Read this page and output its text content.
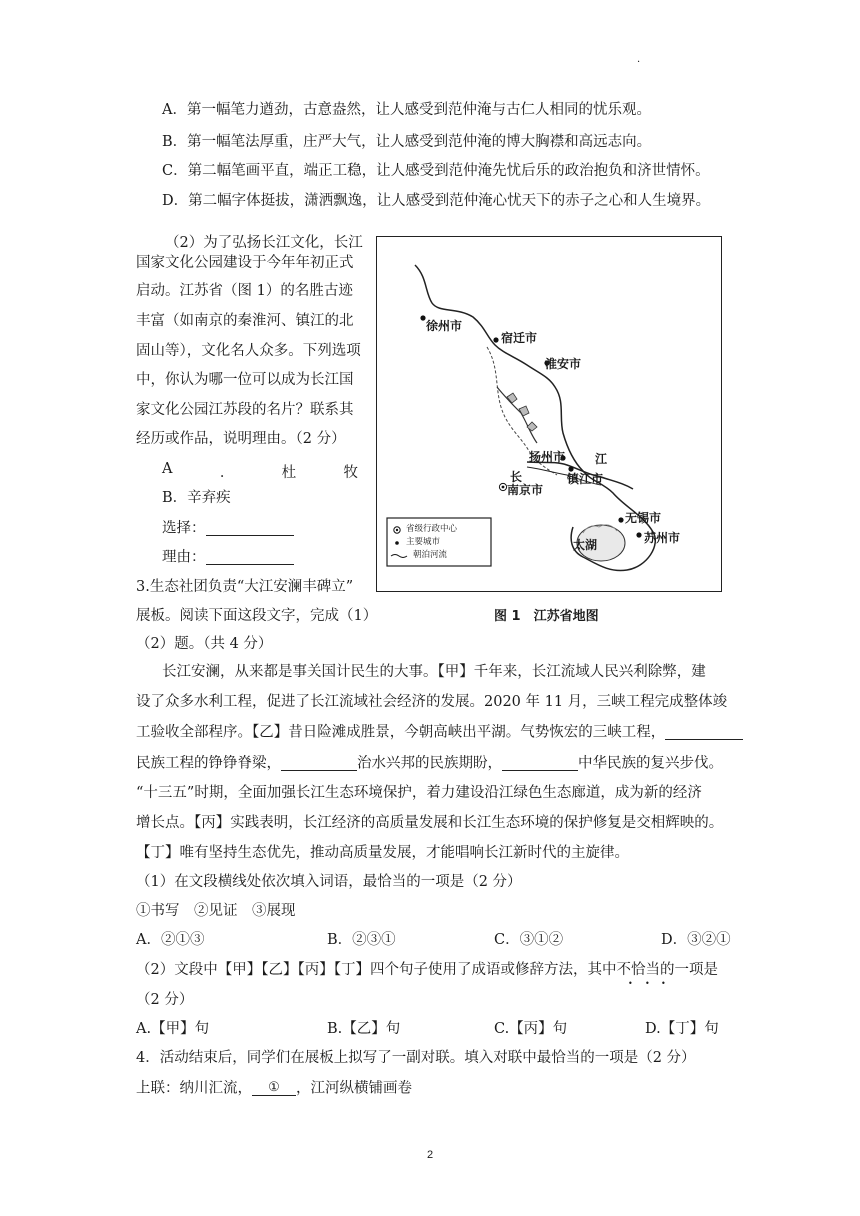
·
A．第一幅笔力遒劲，古意盎然，让人感受到范仲淹与古仁人相同的忧乐观。
B．第一幅笔法厚重，庄严大气，让人感受到范仲淹的博大胸襟和高远志向。
C．第二幅笔画平直，端正工稳，让人感受到范仲淹先忧后乐的政治抱负和济世情怀。
D．第二幅字体挺拔，潇洒飘逸，让人感受到范仲淹心忧天下的赤子之心和人生境界。
（2）为了弘扬长江文化，长江
国家文化公园建设于今年年初正式
启动。江苏省（图 1）的名胜古迹
丰富（如南京的秦淮河、镇江的北
固山等），文化名人众多。下列选项
中，你认为哪一位可以成为长江国
家文化公园江苏段的名片？联系其
经历或作品，说明理由。（2 分）
A	．	杜	牧
B．辛弃疾
选择：
理由：
徐州市
宿迁市
淮安市
扬州市 江
长
南京市
镇江市
无锡市
太湖	苏州市
省级行政中心
主要城市
朝泊河流
图 1　江苏省地图
3.生态社团负责“大江安澜丰碑立”
展板。阅读下面这段文字，完成（1）
（2）题。（共 4 分）
长江安澜，从来都是事关国计民生的大事。【甲】千年来，长江流域人民兴利除弊，建
设了众多水利工程，促进了长江流域社会经济的发展。2020 年 11 月，三峡工程完成整体竣
工验收全部程序。【乙】昔日险滩成胜景，今朝高峡出平湖。气势恢宏的三峡工程，
民族工程的铮铮脊梁，	治水兴邦的民族期盼，	中华民族的复兴步伐。
“十三五”时期，全面加强长江生态环境保护，着力建设沿江绿色生态廊道，成为新的经济
增长点。【丙】实践表明，长江经济的高质量发展和长江生态环境的保护修复是交相辉映的。
【丁】唯有坚持生态优先，推动高质量发展，才能唱响长江新时代的主旋律。
（1）在文段横线处依次填入词语，最恰当的一项是（2 分）
①书写　②见证　③展现
A．②①③	B．②③①	C．③①②	D．③②①
（2）文段中【甲】【乙】【丙】【丁】四个句子使用了成语或修辞方法，其中不恰当的一项是
• • •
（2 分）
A.【甲】句	B.【乙】句	C.【丙】句	D.【丁】句
4．活动结束后，同学们在展板上拟写了一副对联。填入对联中最恰当的一项是（2 分）
上联：纳川汇流， ① ，江河纵横铺画卷
2
